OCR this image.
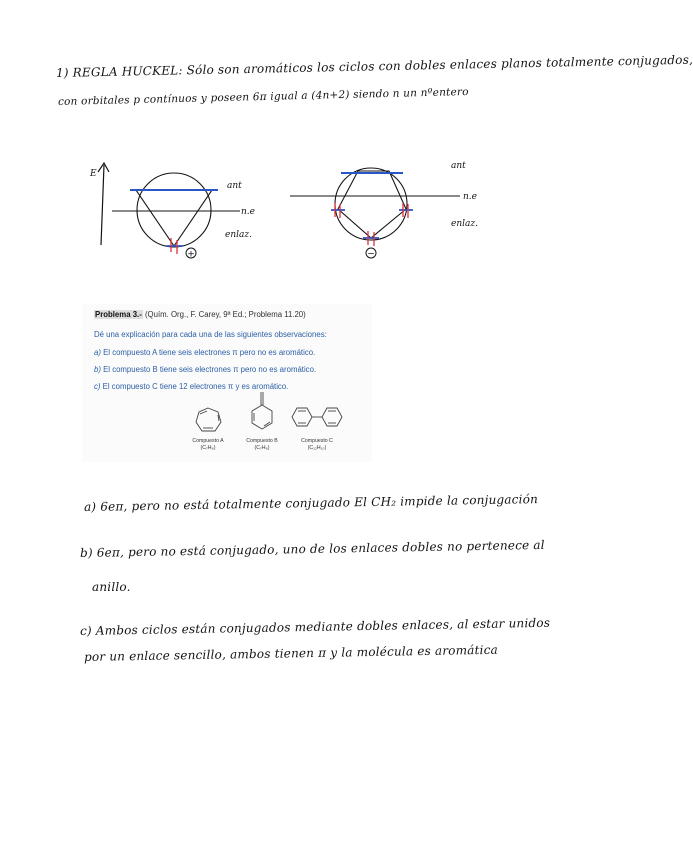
1) REGLA HUCKEL: Sólo son aromáticos los ciclos con dobles enlaces planos totalmente conjugados,
con orbitales p contínuos y poseen 6π igual a (4n+2) siendo n un nºentero
E
ant
n.e
enlaz.
+
ant
n.e
enlaz.
−
Problema 3.- (Quím. Org., F. Carey, 9ª Ed.; Problema 11.20)
Dé una explicación para cada una de las siguientes observaciones:
a) El compuesto A tiene seis electrones π pero no es aromático.
b) El compuesto B tiene seis electrones π pero no es aromático.
c) El compuesto C tiene 12 electrones π y es aromático.
Compuesto A
(C₇H₈)
Compuesto B
(C₇H₈)
Compuesto C
(C₁₂H₁₀)
a) 6eπ, pero no está totalmente conjugado El CH₂ impide la conjugación
b) 6eπ, pero no está conjugado, uno de los enlaces dobles no pertenece al
anillo.
c) Ambos ciclos están conjugados mediante dobles enlaces, al estar unidos
por un enlace sencillo, ambos tienen π y la molécula es aromática
